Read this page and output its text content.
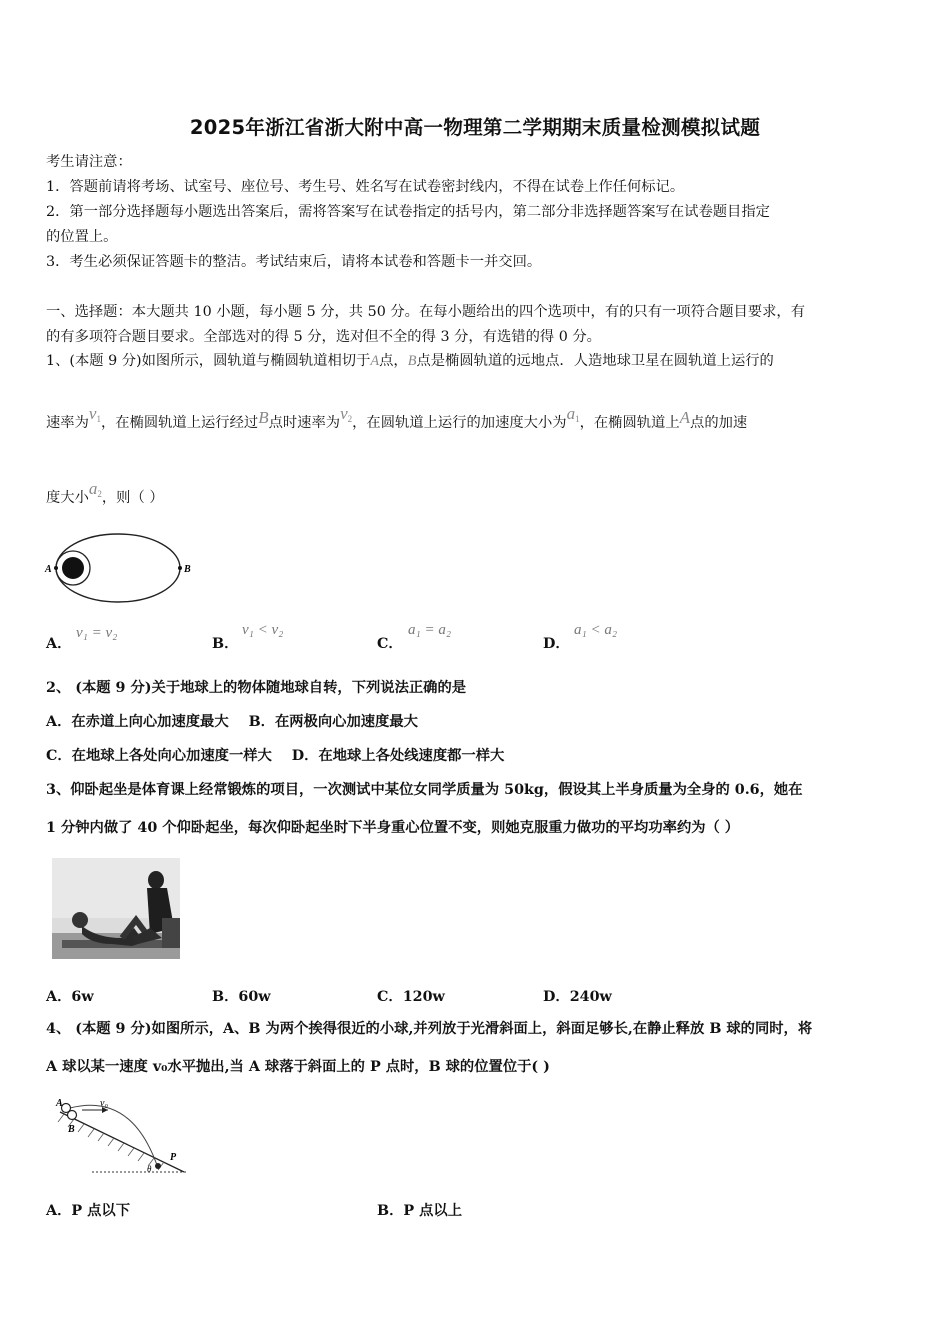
2025年浙江省浙大附中高一物理第二学期期末质量检测模拟试题
考生请注意：
1．答题前请将考场、试室号、座位号、考生号、姓名写在试卷密封线内，不得在试卷上作任何标记。
2．第一部分选择题每小题选出答案后，需将答案写在试卷指定的括号内，第二部分非选择题答案写在试卷题目指定
的位置上。
3．考生必须保证答题卡的整洁。考试结束后，请将本试卷和答题卡一并交回。
一、选择题：本大题共 10 小题，每小题 5 分，共 50 分。在每小题给出的四个选项中，有的只有一项符合题目要求，有
的有多项符合题目要求。全部选对的得 5 分，选对但不全的得 3 分，有选错的得 0 分。
1、(本题 9 分)如图所示，圆轨道与椭圆轨道相切于A点，B点是椭圆轨道的远地点．人造地球卫星在圆轨道上运行的
速率为v1，在椭圆轨道上运行经过B点时速率为v2，在圆轨道上运行的加速度大小为a1，在椭圆轨道上A点的加速
度大小a2，则（ ）
A	B
A．
v₁ = v₂
B．
v₁ < v₂
C．
a₁ = a₂
D．
a₁ < a₂
2、 (本题 9 分)关于地球上的物体随地球自转，下列说法正确的是
A．在赤道上向心加速度最大 B．在两极向心加速度最大
C．在地球上各处向心加速度一样大 D．在地球上各处线速度都一样大
3、仰卧起坐是体育课上经常锻炼的项目，一次测试中某位女同学质量为 50kg，假设其上半身质量为全身的 0.6，她在
1 分钟内做了 40 个仰卧起坐，每次仰卧起坐时下半身重心位置不变，则她克服重力做功的平均功率约为（ ）
A．6w	B．60w	C．120w	D．240w
4、 (本题 9 分)如图所示，A、B 为两个挨得很近的小球,并列放于光滑斜面上，斜面足够长,在静止释放 B 球的同时，将
A 球以某一速度 v₀水平抛出,当 A 球落于斜面上的 P 点时，B 球的位置位于( )
A
B
v₀
P
θ
A．P 点以下	B．P 点以上
